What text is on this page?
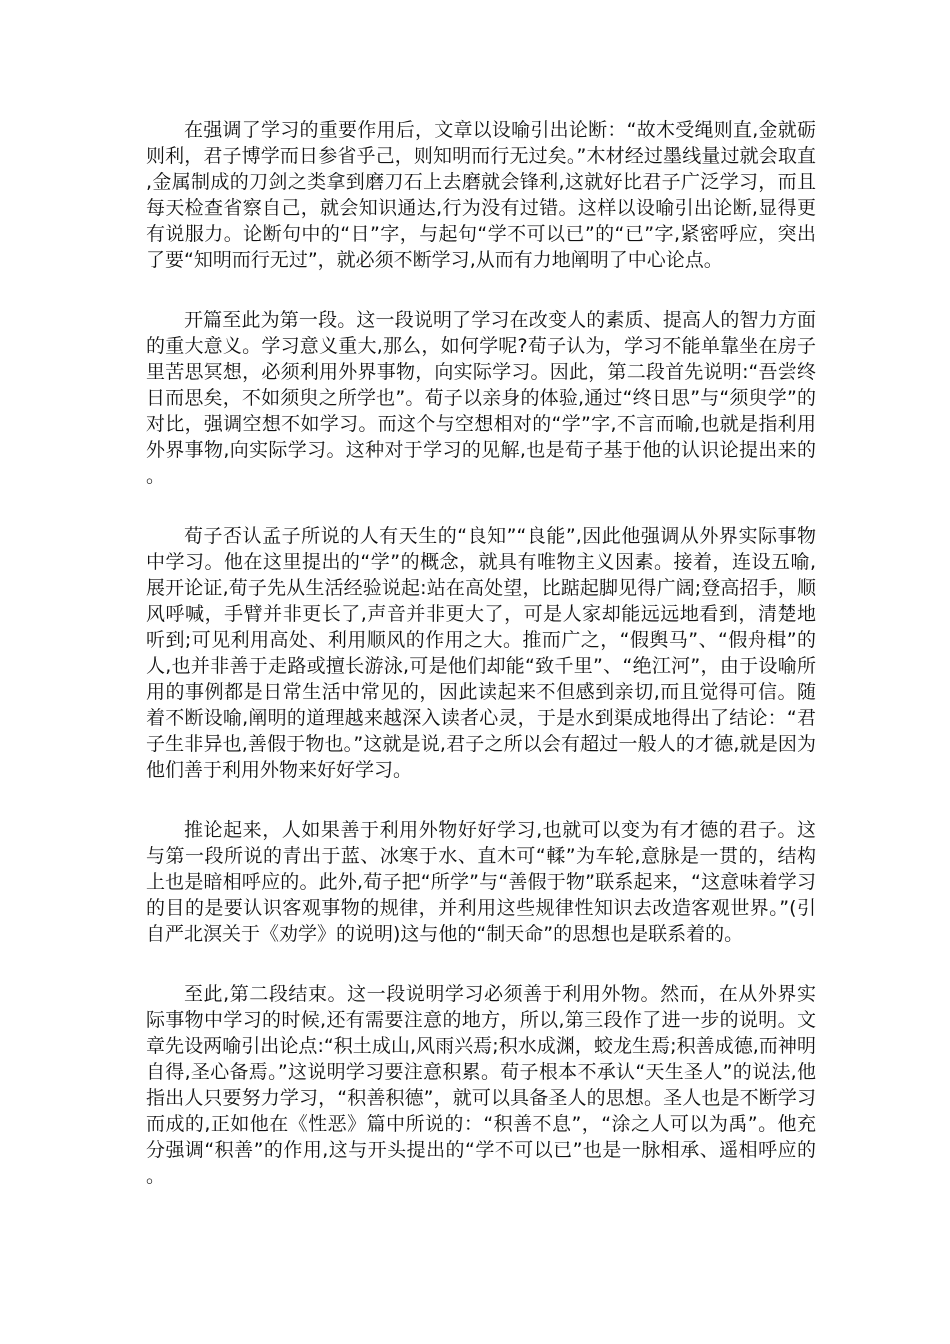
在强调了学习的重要作用后，文章以设喻引出论断：“故木受绳则直,金就砺则利，君子博学而日参省乎己，则知明而行无过矣。”木材经过墨线量过就会取直,金属制成的刀剑之类拿到磨刀石上去磨就会锋利,这就好比君子广泛学习，而且每天检查省察自己，就会知识通达,行为没有过错。这样以设喻引出论断,显得更有说服力。论断句中的“日”字，与起句“学不可以已”的“已”字,紧密呼应，突出了要“知明而行无过”，就必须不断学习,从而有力地阐明了中心论点。

开篇至此为第一段。这一段说明了学习在改变人的素质、提高人的智力方面的重大意义。学习意义重大,那么，如何学呢?荀子认为，学习不能单靠坐在房子里苦思冥想，必须利用外界事物，向实际学习。因此，第二段首先说明:“吾尝终日而思矣，不如须臾之所学也”。荀子以亲身的体验,通过“终日思”与“须臾学”的对比，强调空想不如学习。而这个与空想相对的“学”字,不言而喻,也就是指利用外界事物,向实际学习。这种对于学习的见解,也是荀子基于他的认识论提出来的。

荀子否认孟子所说的人有天生的“良知”“良能”,因此他强调从外界实际事物中学习。他在这里提出的“学”的概念，就具有唯物主义因素。接着，连设五喻,展开论证,荀子先从生活经验说起:站在高处望，比踮起脚见得广阔;登高招手，顺风呼喊，手臂并非更长了,声音并非更大了，可是人家却能远远地看到，清楚地听到;可见利用高处、利用顺风的作用之大。推而广之，“假舆马”、“假舟楫”的人,也并非善于走路或擅长游泳,可是他们却能“致千里”、“绝江河”，由于设喻所用的事例都是日常生活中常见的，因此读起来不但感到亲切,而且觉得可信。随着不断设喻,阐明的道理越来越深入读者心灵，于是水到渠成地得出了结论：“君子生非异也,善假于物也。”这就是说,君子之所以会有超过一般人的才德,就是因为他们善于利用外物来好好学习。

推论起来，人如果善于利用外物好好学习,也就可以变为有才德的君子。这与第一段所说的青出于蓝、冰寒于水、直木可“輮”为车轮,意脉是一贯的，结构上也是暗相呼应的。此外,荀子把“所学”与“善假于物”联系起来，“这意味着学习的目的是要认识客观事物的规律，并利用这些规律性知识去改造客观世界。”(引自严北溟关于《劝学》的说明)这与他的“制天命”的思想也是联系着的。

至此,第二段结束。这一段说明学习必须善于利用外物。然而，在从外界实际事物中学习的时候,还有需要注意的地方，所以,第三段作了进一步的说明。文章先设两喻引出论点:“积土成山,风雨兴焉;积水成渊，蛟龙生焉;积善成德,而神明自得,圣心备焉。”这说明学习要注意积累。荀子根本不承认“天生圣人”的说法,他指出人只要努力学习，“积善积德”，就可以具备圣人的思想。圣人也是不断学习而成的,正如他在《性恶》篇中所说的：“积善不息”，“涂之人可以为禹”。他充分强调“积善”的作用,这与开头提出的“学不可以已”也是一脉相承、遥相呼应的。
